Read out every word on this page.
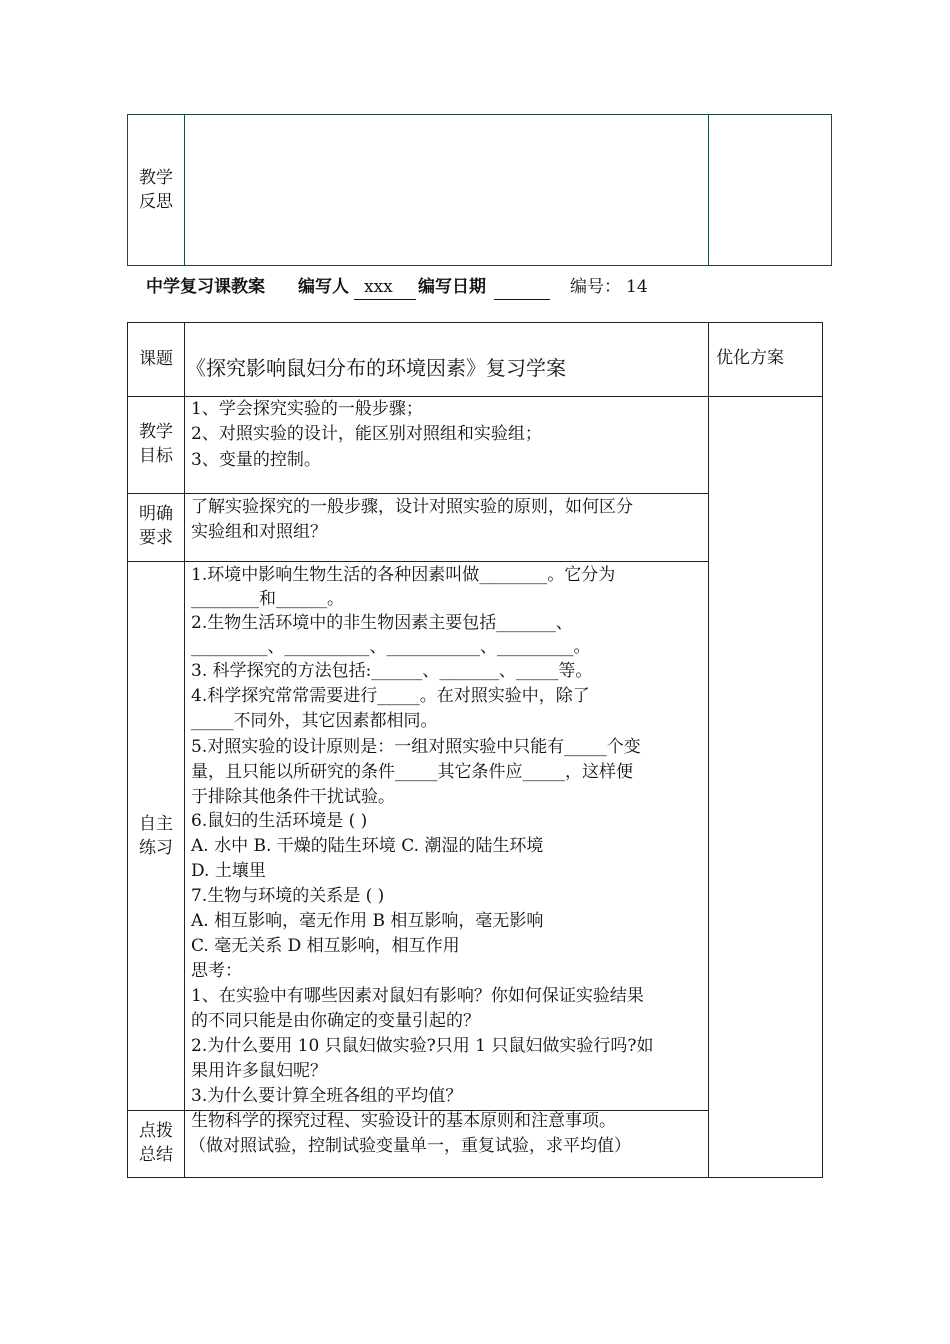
教学
反思
中学复习课教案 编写人 xxx 编写日期	编号： 14
课题 《探究影响鼠妇分布的环境因素》复习学案	优化方案
教学
目标
1、学会探究实验的一般步骤；
2、对照实验的设计，能区别对照组和实验组；
3、变量的控制。
明确
要求
了解实验探究的一般步骤，设计对照实验的原则，如何区分
实验组和对照组？
自主
练习
1.环境中影响生物生活的各种因素叫做________。它分为
________和______。
2.生物生活环境中的非生物因素主要包括_______、
_________、__________、___________、_________。
3. 科学探究的方法包括:______、_______、_____等。
4.科学探究常常需要进行_____。在对照实验中，除了
_____不同外，其它因素都相同。
5.对照实验的设计原则是：一组对照实验中只能有_____个变
量，且只能以所研究的条件_____其它条件应_____，这样便
于排除其他条件干扰试验。
6.鼠妇的生活环境是 ( )
A. 水中 B. 干燥的陆生环境 C. 潮湿的陆生环境
D. 土壤里
7.生物与环境的关系是 ( )
A. 相互影响，毫无作用 B 相互影响，毫无影响
C. 毫无关系 D 相互影响，相互作用
思考：
1、在实验中有哪些因素对鼠妇有影响？你如何保证实验结果
的不同只能是由你确定的变量引起的？
2.为什么要用 10 只鼠妇做实验?只用 1 只鼠妇做实验行吗?如
果用许多鼠妇呢？
3.为什么要计算全班各组的平均值？
点拨
总结
生物科学的探究过程、实验设计的基本原则和注意事项。
（做对照试验，控制试验变量单一，重复试验，求平均值）
